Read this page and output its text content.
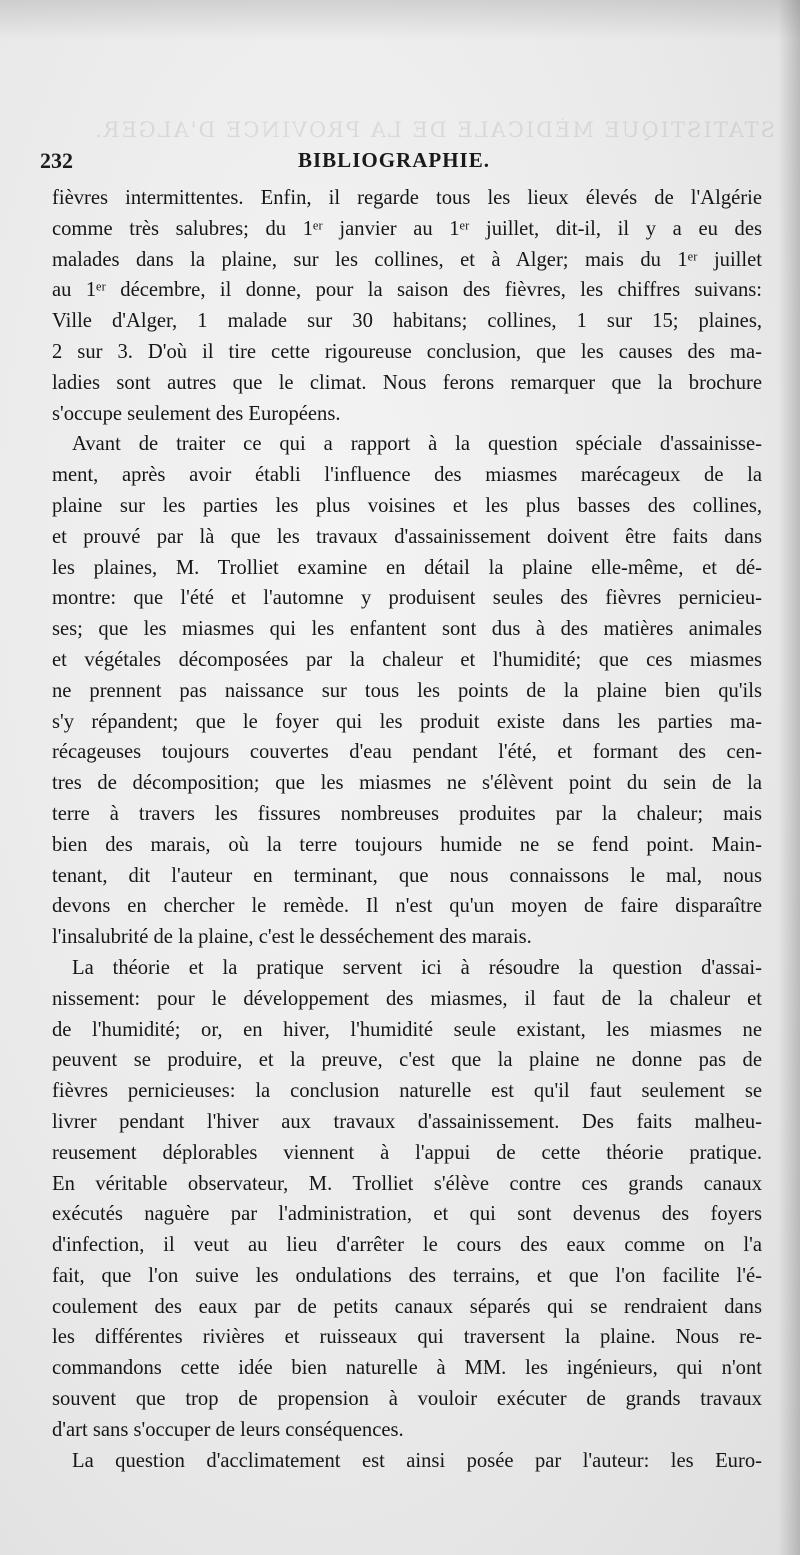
STATISTIQUE MÉDICALE DE LA PROVINCE D'ALGER.
232	BIBLIOGRAPHIE.
fièvres intermittentes. Enfin, il regarde tous les lieux élevés de l'Algérie
comme très salubres; du 1ᵉʳ janvier au 1ᵉʳ juillet, dit-il, il y a eu des
malades dans la plaine, sur les collines, et à Alger; mais du 1ᵉʳ juillet
au 1ᵉʳ décembre, il donne, pour la saison des fièvres, les chiffres suivans:
Ville d'Alger, 1 malade sur 30 habitans; collines, 1 sur 15; plaines,
2 sur 3. D'où il tire cette rigoureuse conclusion, que les causes des ma-
ladies sont autres que le climat. Nous ferons remarquer que la brochure
s'occupe seulement des Européens.
Avant de traiter ce qui a rapport à la question spéciale d'assainisse-
ment, après avoir établi l'influence des miasmes marécageux de la
plaine sur les parties les plus voisines et les plus basses des collines,
et prouvé par là que les travaux d'assainissement doivent être faits dans
les plaines, M. Trolliet examine en détail la plaine elle-même, et dé-
montre: que l'été et l'automne y produisent seules des fièvres pernicieu-
ses; que les miasmes qui les enfantent sont dus à des matières animales
et végétales décomposées par la chaleur et l'humidité; que ces miasmes
ne prennent pas naissance sur tous les points de la plaine bien qu'ils
s'y répandent; que le foyer qui les produit existe dans les parties ma-
récageuses toujours couvertes d'eau pendant l'été, et formant des cen-
tres de décomposition; que les miasmes ne s'élèvent point du sein de la
terre à travers les fissures nombreuses produites par la chaleur; mais
bien des marais, où la terre toujours humide ne se fend point. Main-
tenant, dit l'auteur en terminant, que nous connaissons le mal, nous
devons en chercher le remède. Il n'est qu'un moyen de faire disparaître
l'insalubrité de la plaine, c'est le desséchement des marais.
La théorie et la pratique servent ici à résoudre la question d'assai-
nissement: pour le développement des miasmes, il faut de la chaleur et
de l'humidité; or, en hiver, l'humidité seule existant, les miasmes ne
peuvent se produire, et la preuve, c'est que la plaine ne donne pas de
fièvres pernicieuses: la conclusion naturelle est qu'il faut seulement se
livrer pendant l'hiver aux travaux d'assainissement. Des faits malheu-
reusement déplorables viennent à l'appui de cette théorie pratique.
En véritable observateur, M. Trolliet s'élève contre ces grands canaux
exécutés naguère par l'administration, et qui sont devenus des foyers
d'infection, il veut au lieu d'arrêter le cours des eaux comme on l'a
fait, que l'on suive les ondulations des terrains, et que l'on facilite l'é-
coulement des eaux par de petits canaux séparés qui se rendraient dans
les différentes rivières et ruisseaux qui traversent la plaine. Nous re-
commandons cette idée bien naturelle à MM. les ingénieurs, qui n'ont
souvent que trop de propension à vouloir exécuter de grands travaux
d'art sans s'occuper de leurs conséquences.
La question d'acclimatement est ainsi posée par l'auteur: les Euro-
